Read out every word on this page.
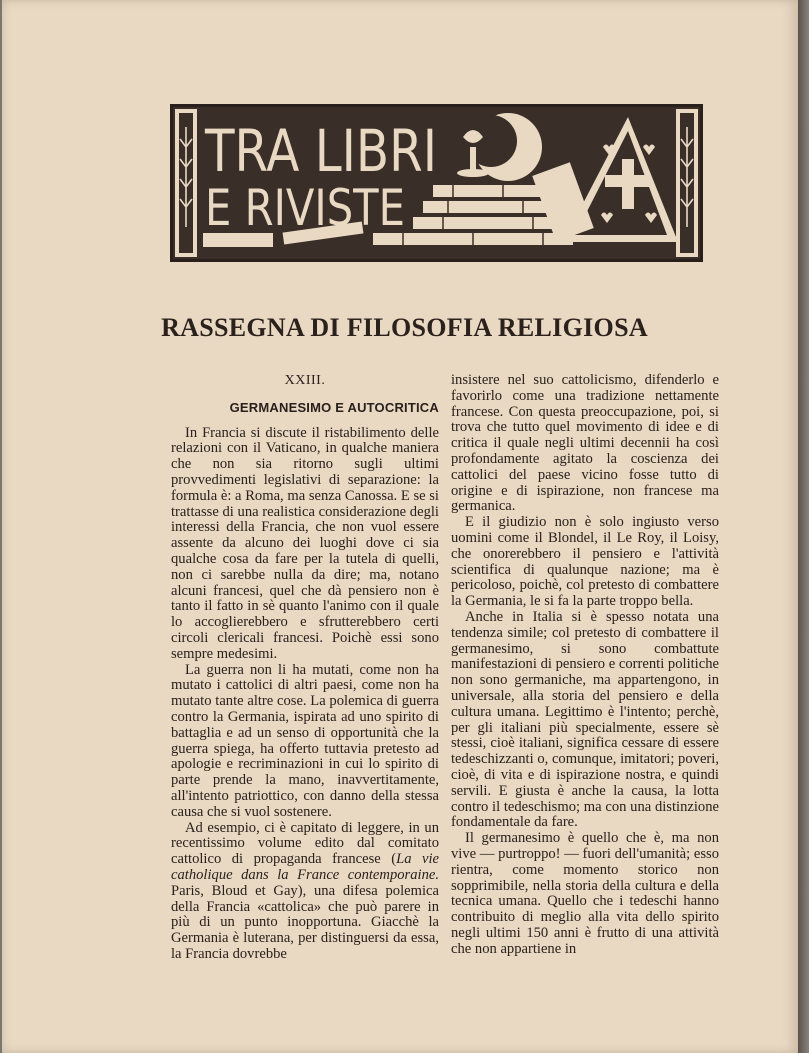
TRA LIBRI
E RIVISTE
RASSEGNA DI FILOSOFIA RELIGIOSA
XXIII.
GERMANESIMO E AUTOCRITICA

In Francia si discute il ristabilimento delle relazioni con il Vaticano, in qualche maniera che non sia ritorno sugli ultimi provvedimenti legislativi di separazione: la formula è: a Roma, ma senza Canossa. E se si trattasse di una realistica considerazione degli interessi della Francia, che non vuol essere assente da alcuno dei luoghi dove ci sia qualche cosa da fare per la tutela di quelli, non ci sarebbe nulla da dire; ma, notano alcuni francesi, quel che dà pensiero non è tanto il fatto in sè quanto l'animo con il quale lo accoglierebbero e sfrutterebbero certi circoli clericali francesi. Poichè essi sono sempre medesimi.

La guerra non li ha mutati, come non ha mutato i cattolici di altri paesi, come non ha mutato tante altre cose. La polemica di guerra contro la Germania, ispirata ad uno spirito di battaglia e ad un senso di opportunità che la guerra spiega, ha offerto tuttavia pretesto ad apologie e recriminazioni in cui lo spirito di parte prende la mano, inavvertitamente, all'intento patriottico, con danno della stessa causa che si vuol sostenere.

Ad esempio, ci è capitato di leggere, in un recentissimo volume edito dal comitato cattolico di propaganda francese (La vie catholique dans la France contemporaine. Paris, Bloud et Gay), una difesa polemica della Francia «cattolica» che può parere in più di un punto inopportuna. Giacchè la Germania è luterana, per distinguersi da essa, la Francia dovrebbe

insistere nel suo cattolicismo, difenderlo e favorirlo come una tradizione nettamente francese. Con questa preoccupazione, poi, si trova che tutto quel movimento di idee e di critica il quale negli ultimi decennii ha così profondamente agitato la coscienza dei cattolici del paese vicino fosse tutto di origine e di ispirazione, non francese ma germanica.

E il giudizio non è solo ingiusto verso uomini come il Blondel, il Le Roy, il Loisy, che onorerebbero il pensiero e l'attività scientifica di qualunque nazione; ma è pericoloso, poichè, col pretesto di combattere la Germania, le si fa la parte troppo bella.

Anche in Italia si è spesso notata una tendenza simile; col pretesto di combattere il germanesimo, si sono combattute manifestazioni di pensiero e correnti politiche non sono germaniche, ma appartengono, in universale, alla storia del pensiero e della cultura umana. Legittimo è l'intento; perchè, per gli italiani più specialmente, essere sè stessi, cioè italiani, significa cessare di essere tedeschizzanti o, comunque, imitatori; poveri, cioè, di vita e di ispirazione nostra, e quindi servili. E giusta è anche la causa, la lotta contro il tedeschismo; ma con una distinzione fondamentale da fare.

Il germanesimo è quello che è, ma non vive — purtroppo! — fuori dell'umanità; esso rientra, come momento storico non sopprimibile, nella storia della cultura e della tecnica umana. Quello che i tedeschi hanno contribuito di meglio alla vita dello spirito negli ultimi 150 anni è frutto di una attività che non appartiene in
